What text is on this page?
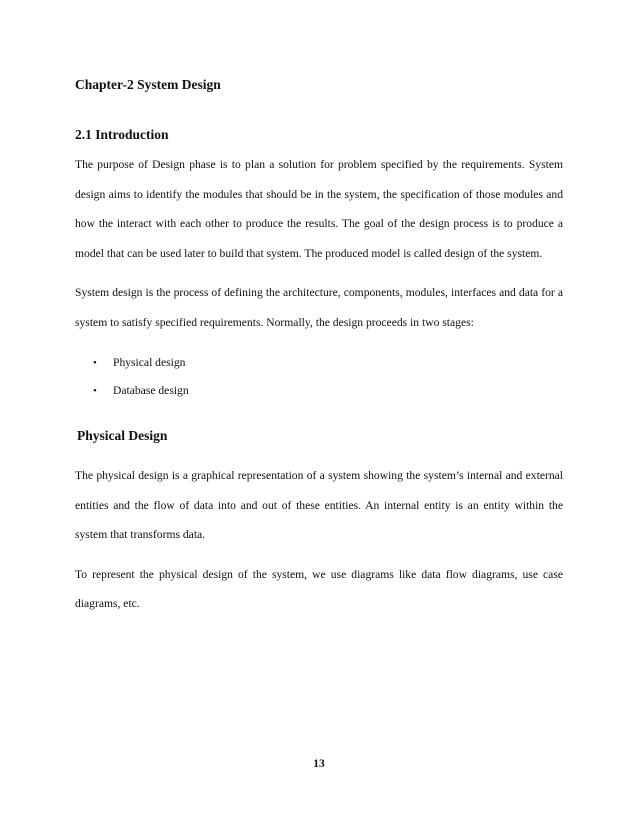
Chapter-2 System Design
2.1 Introduction

The purpose of Design phase is to plan a solution for problem specified by the requirements. System design aims to identify the modules that should be in the system, the specification of those modules and how the interact with each other to produce the results. The goal of the design process is to produce a model that can be used later to build that system. The produced model is called design of the system.

System design is the process of defining the architecture, components, modules, interfaces and data for a system to satisfy specified requirements. Normally, the design proceeds in two stages:

• Physical design
• Database design
Physical Design

The physical design is a graphical representation of a system showing the system’s internal and external entities and the flow of data into and out of these entities. An internal entity is an entity within the system that transforms data.

To represent the physical design of the system, we use diagrams like data flow diagrams, use case diagrams, etc.

13
